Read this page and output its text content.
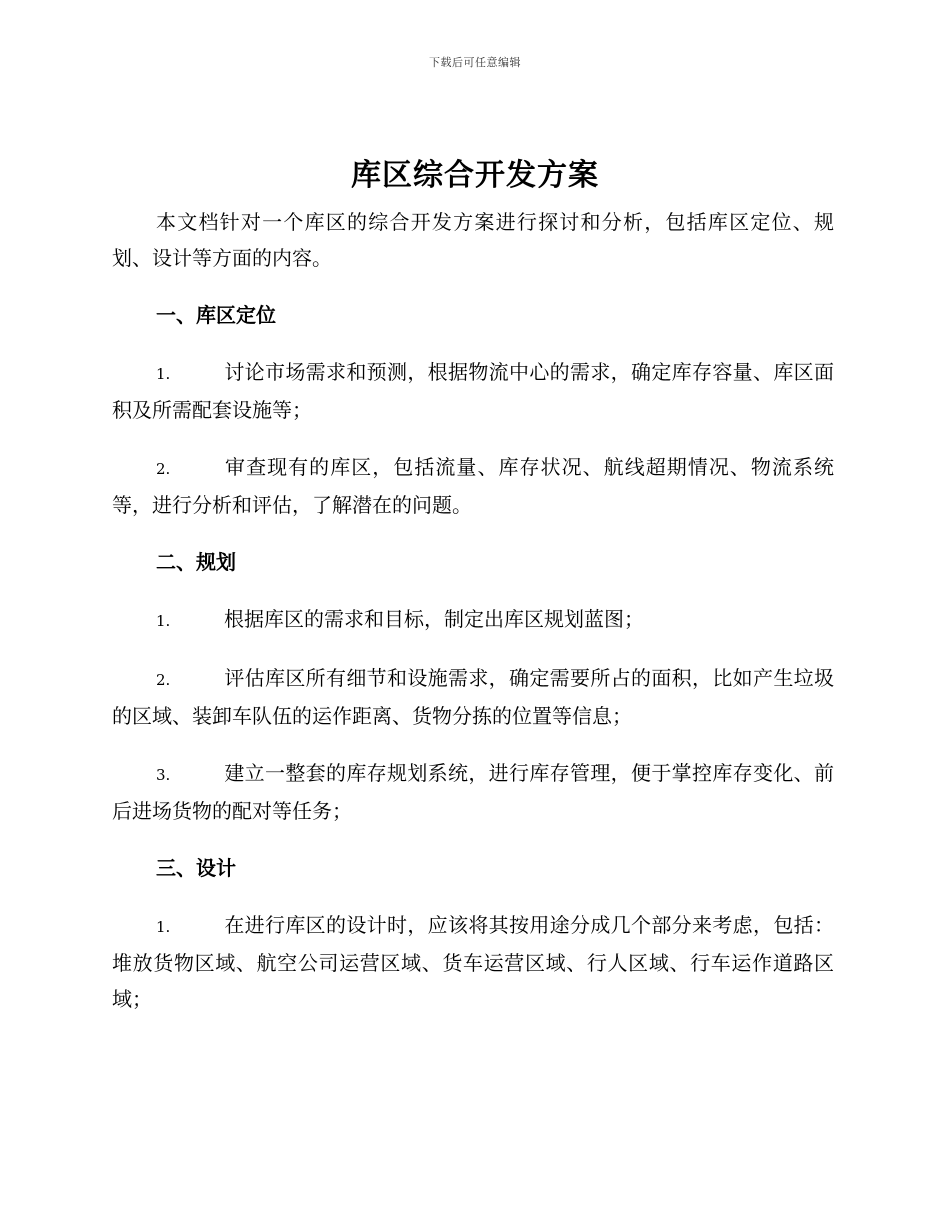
下载后可任意编辑
库区综合开发方案

本文档针对一个库区的综合开发方案进行探讨和分析，包括库区定位、规划、设计等方面的内容。

一、库区定位

1.	讨论市场需求和预测，根据物流中心的需求，确定库存容量、库区面积及所需配套设施等；

2.	审查现有的库区，包括流量、库存状况、航线超期情况、物流系统等，进行分析和评估，了解潜在的问题。

二、规划

1.	根据库区的需求和目标，制定出库区规划蓝图；

2.	评估库区所有细节和设施需求，确定需要所占的面积，比如产生垃圾的区域、装卸车队伍的运作距离、货物分拣的位置等信息；

3.	建立一整套的库存规划系统，进行库存管理，便于掌控库存变化、前后进场货物的配对等任务；

三、设计

1.	在进行库区的设计时，应该将其按用途分成几个部分来考虑，包括：堆放货物区域、航空公司运营区域、货车运营区域、行人区域、行车运作道路区域；
